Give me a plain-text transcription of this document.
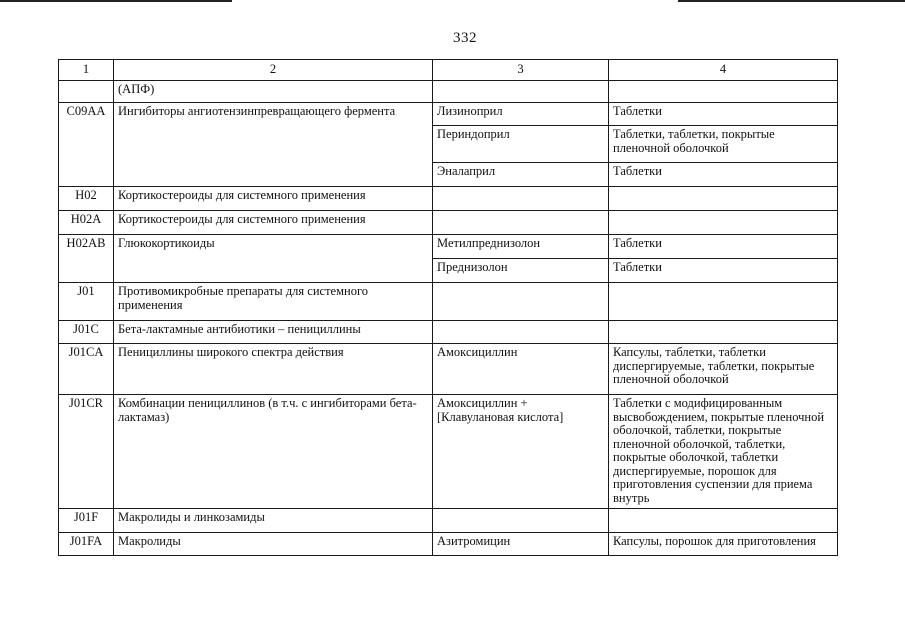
332
1	2	3	4
	(АПФ)		
C09AA	Ингибиторы ангиотензинпревращающего фермента	Лизиноприл	Таблетки
		Периндоприл	Таблетки, таблетки, покрытые пленочной оболочкой
		Эналаприл	Таблетки
H02	Кортикостероиды для системного применения		
H02A	Кортикостероиды для системного применения		
H02AB	Глюкокортикоиды	Метилпреднизолон	Таблетки
		Преднизолон	Таблетки
J01	Противомикробные препараты для системного применения		
J01C	Бета-лактамные антибиотики – пенициллины		
J01CA	Пенициллины широкого спектра действия	Амоксициллин	Капсулы, таблетки, таблетки диспергируемые, таблетки, покрытые пленочной оболочкой
J01CR	Комбинации пенициллинов (в т.ч. с ингибиторами бета-лактамаз)	Амоксициллин + [Клавулановая кислота]	Таблетки с модифицированным высвобождением, покрытые пленочной оболочкой, таблетки, покрытые пленочной оболочкой, таблетки, покрытые оболочкой, таблетки диспергируемые, порошок для приготовления суспензии для приема внутрь
J01F	Макролиды и линкозамиды		
J01FA	Макролиды	Азитромицин	Капсулы, порошок для приготовления
